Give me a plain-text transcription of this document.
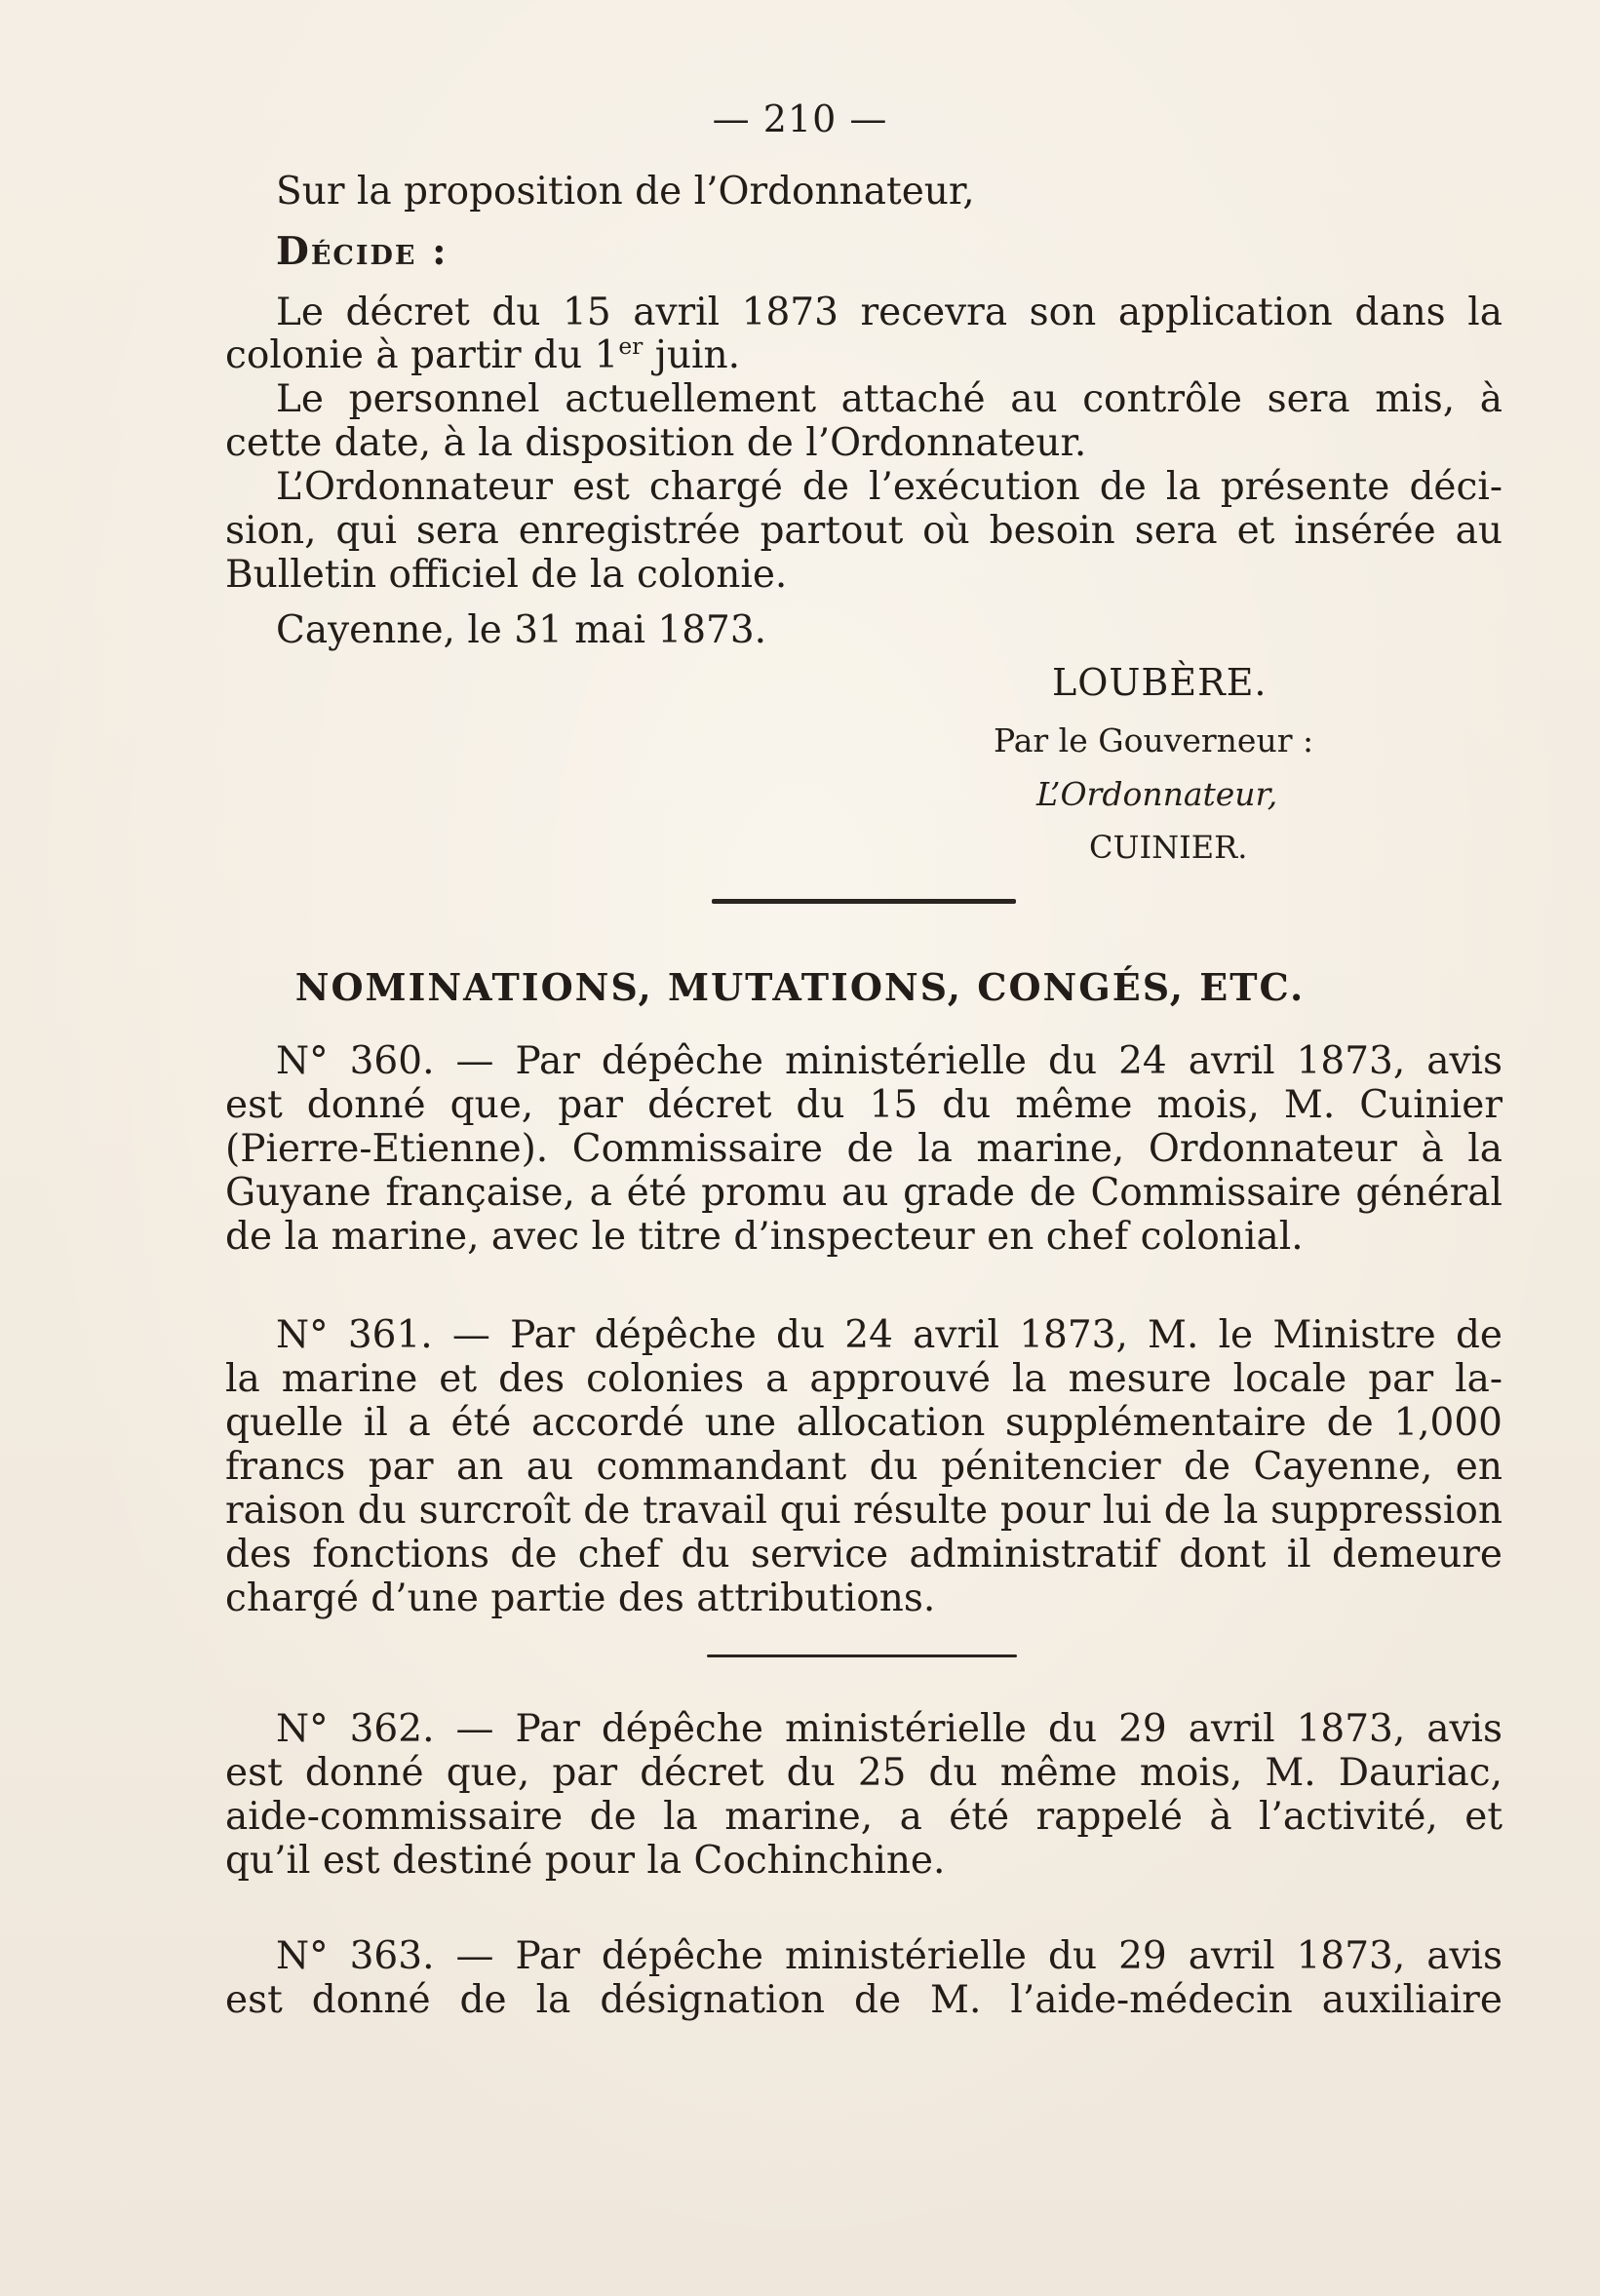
— 210 —
Sur la proposition de l’Ordonnateur,
Décide :
Le décret du 15 avril 1873 recevra son application dans la
colonie à partir du 1er juin.
Le personnel actuellement attaché au contrôle sera mis, à
cette date, à la disposition de l’Ordonnateur.
L’Ordonnateur est chargé de l’exécution de la présente déci-
sion, qui sera enregistrée partout où besoin sera et insérée au
Bulletin officiel de la colonie.
Cayenne, le 31 mai 1873.
LOUBÈRE.
Par le Gouverneur :
L’Ordonnateur,
CUINIER.
NOMINATIONS, MUTATIONS, CONGÉS, ETC.
N° 360. — Par dépêche ministérielle du 24 avril 1873, avis
est donné que, par décret du 15 du même mois, M. Cuinier
(Pierre-Etienne). Commissaire de la marine, Ordonnateur à la
Guyane française, a été promu au grade de Commissaire général
de la marine, avec le titre d’inspecteur en chef colonial.
N° 361. — Par dépêche du 24 avril 1873, M. le Ministre de
la marine et des colonies a approuvé la mesure locale par la-
quelle il a été accordé une allocation supplémentaire de 1,000
francs par an au commandant du pénitencier de Cayenne, en
raison du surcroît de travail qui résulte pour lui de la suppression
des fonctions de chef du service administratif dont il demeure
chargé d’une partie des attributions.
N° 362. — Par dépêche ministérielle du 29 avril 1873, avis
est donné que, par décret du 25 du même mois, M. Dauriac,
aide-commissaire de la marine, a été rappelé à l’activité, et
qu’il est destiné pour la Cochinchine.
N° 363. — Par dépêche ministérielle du 29 avril 1873, avis
est donné de la désignation de M. l’aide-médecin auxiliaire
